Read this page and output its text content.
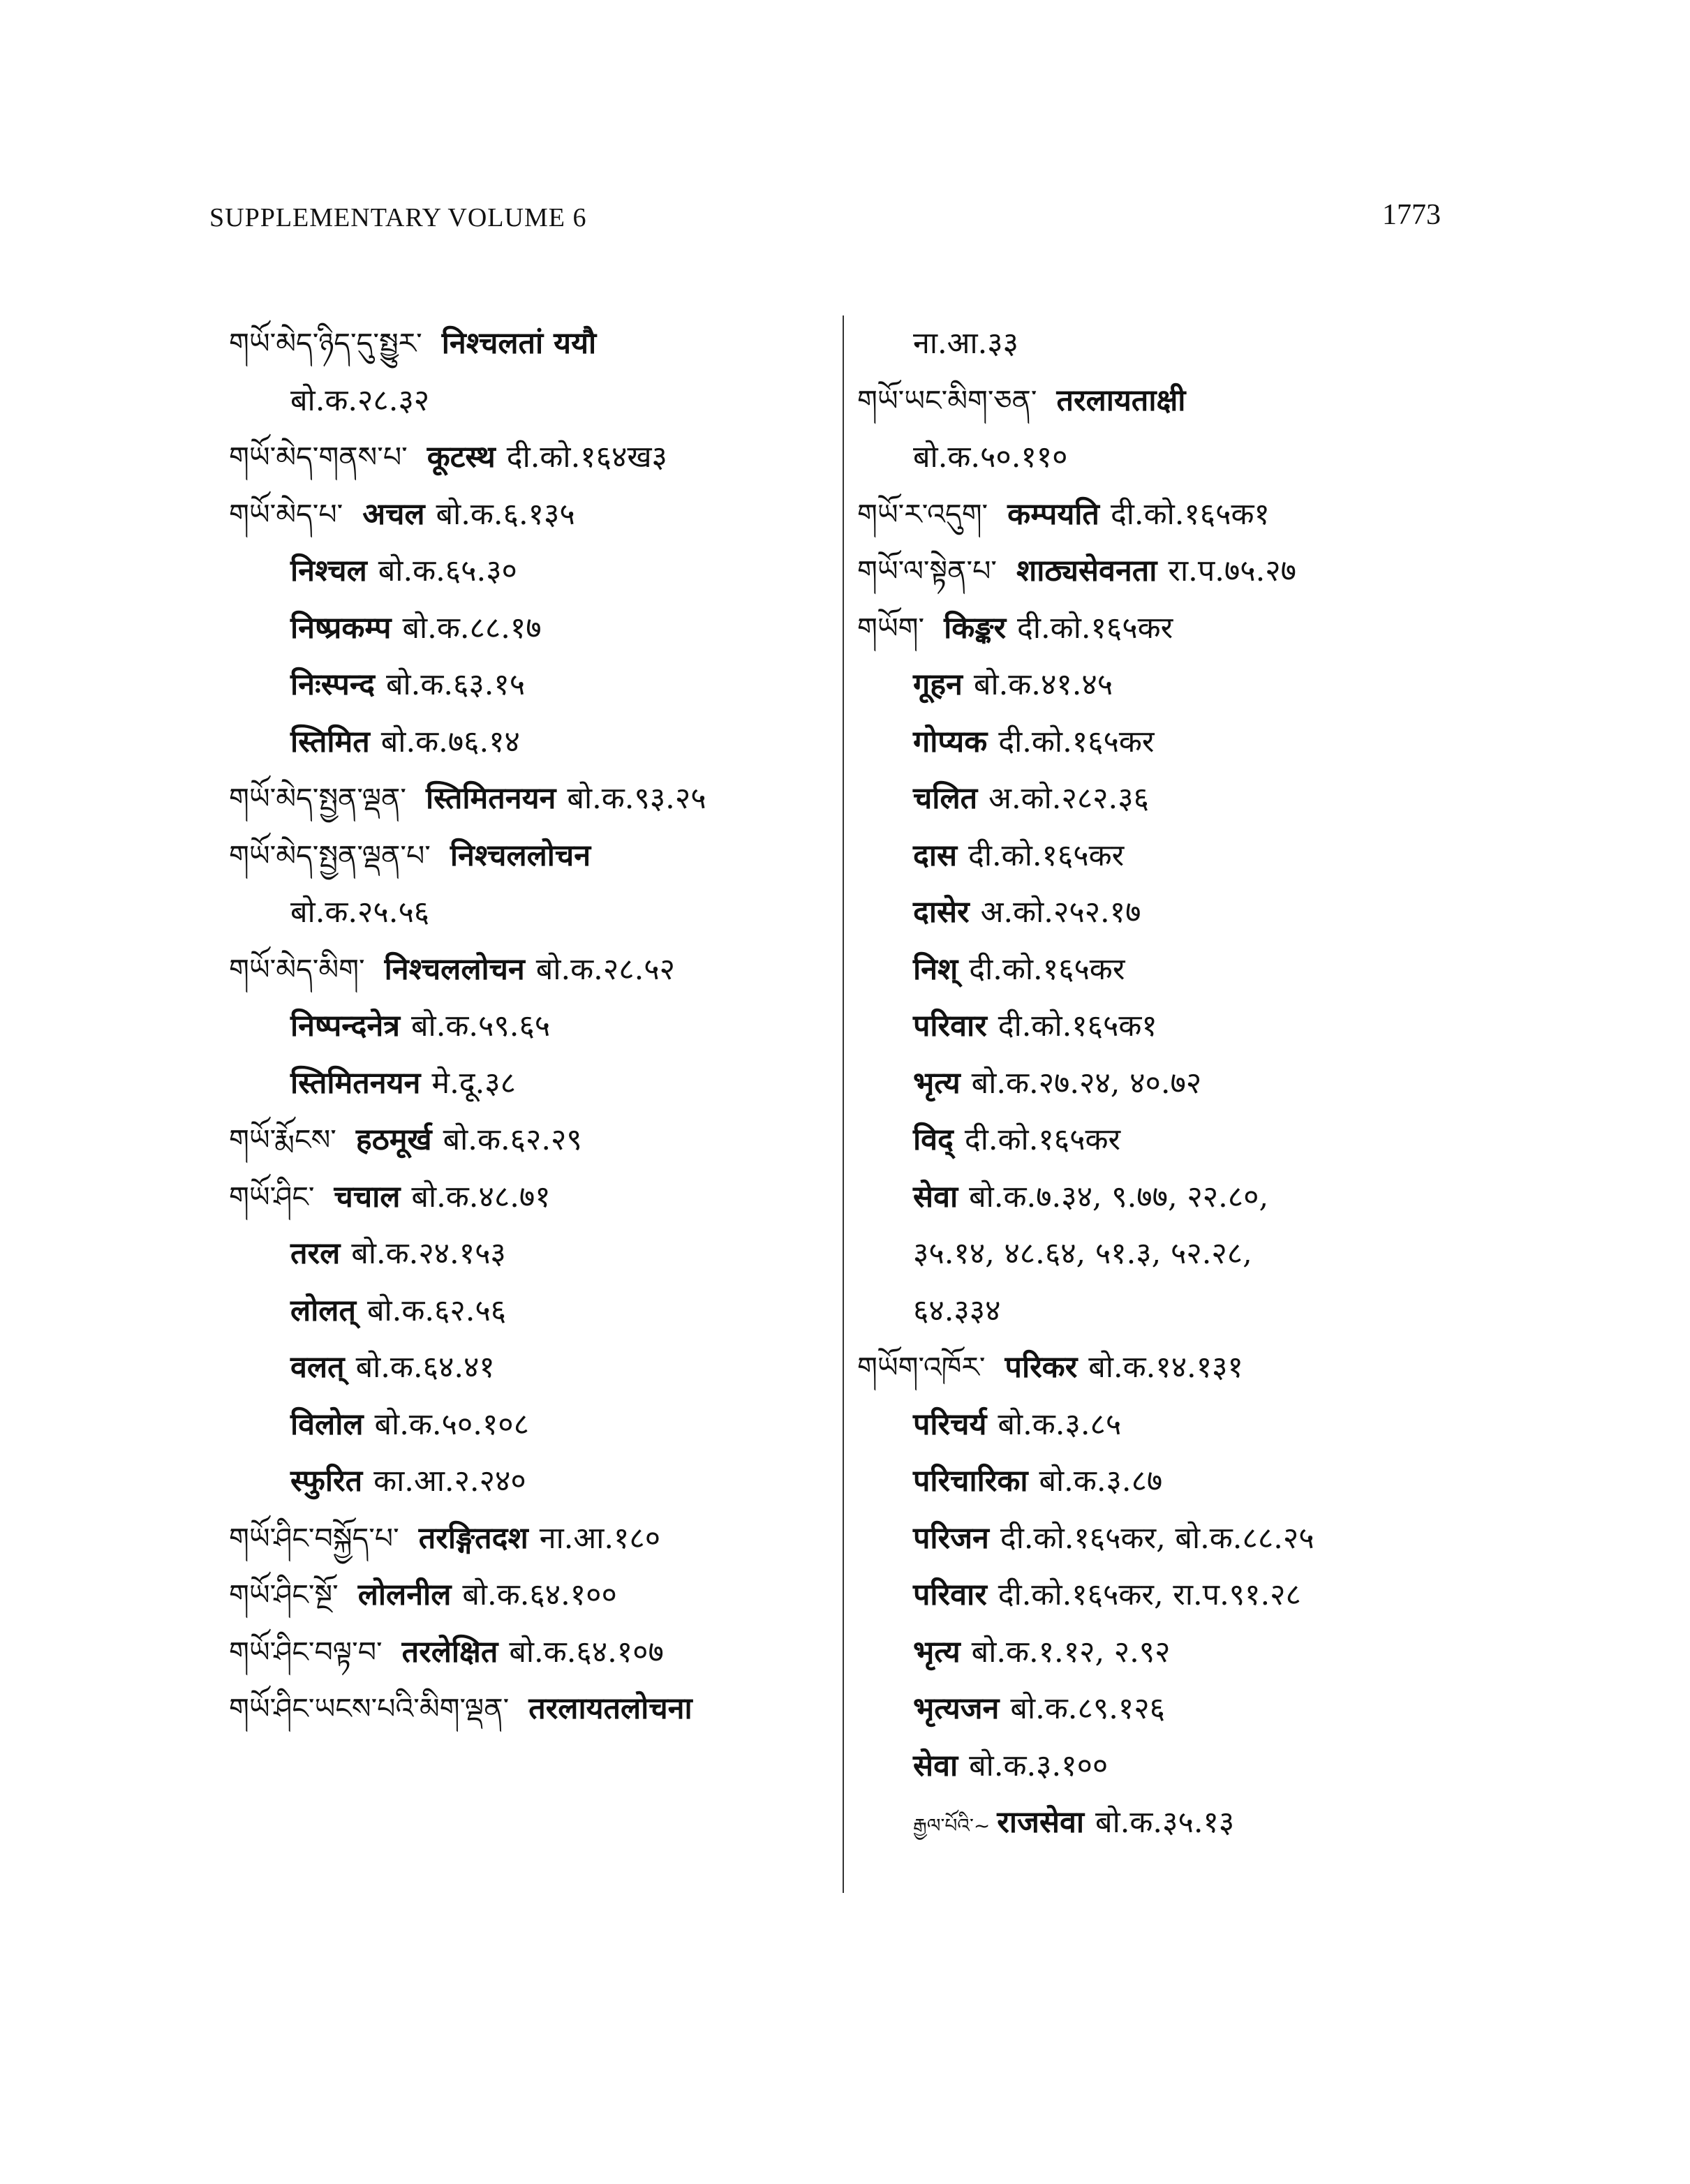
SUPPLEMENTARY VOLUME 6	1773
གཡོ་མེད་ཉིད་དུ་སྤྱུར་ निश्चलतां ययौ
बो.क.२८.३२
གཡོ་མེད་གནས་པ་ कूटस्थ दी.को.१६४ख३
གཡོ་མེད་པ་ अचल बो.क.६.१३५
निश्चल बो.क.६५.३०
निष्प्रकम्प बो.क.८८.१७
निःस्पन्द बो.क.६३.१५
स्तिमित बो.क.७६.१४
གཡོ་མེད་སྤྱན་ལྡན་ स्तिमितनयन बो.क.९३.२५
གཡོ་མེད་སྤྱན་ལྡན་པ་ निश्चललोचन
बो.क.२५.५६
གཡོ་མེད་མིག་ निश्चललोचन बो.क.२८.५२
निष्पन्दनेत्र बो.क.५९.६५
स्तिमितनयन मे.दू.३८
གཡོ་རྨོངས་ हठमूर्ख बो.क.६२.२९
གཡོ་ཤིང་ चचाल बो.क.४८.७१
तरल बो.क.२४.१५३
लोलत् बो.क.६२.५६
वलत् बो.क.६४.४१
विलोल बो.क.५०.१०८
स्फुरित का.आ.२.२४०
གཡོ་ཤིང་བསྐྱོད་པ་ तरङ्गितदश ना.आ.१८०
གཡོ་ཤིང་སྔོ་ लोलनील बो.क.६४.१००
གཡོ་ཤིང་བལྟ་བ་ तरलेक्षित बो.क.६४.१०७
གཡོ་ཤིང་ཡངས་པའི་མིག་ལྡན་ तरलायतलोचना
ना.आ.३३
གཡོ་ཡང་མིག་ཅན་ तरलायताक्षी
बो.क.५०.११०
གཡོ་ར་འདུག་ कम्पयति दी.को.१६५क१
གཡོ་ལ་སྟེན་པ་ शाठ्यसेवनता रा.प.७५.२७
གཡོག་ किङ्कर दी.को.१६५कर
गूहन बो.क.४१.४५
गोप्यक दी.को.१६५कर
चलित अ.को.२८२.३६
दास दी.को.१६५कर
दासेर अ.को.२५२.१७
निश् दी.को.१६५कर
परिवार दी.को.१६५क१
भृत्य बो.क.२७.२४, ४०.७२
विद् दी.को.१६५कर
सेवा बो.क.७.३४, ९.७७, २२.८०,
३५.१४, ४८.६४, ५१.३, ५२.२८,
६४.३३४
གཡོག་འཁོར་ परिकर बो.क.१४.१३१
परिचर्य बो.क.३.८५
परिचारिका बो.क.३.८७
परिजन दी.को.१६५कर, बो.क.८८.२५
परिवार दी.को.१६५कर, रा.प.९१.२८
भृत्य बो.क.१.१२, २.९२
भृत्यजन बो.क.८९.१२६
सेवा बो.क.३.१००
རྒྱལ་པོའི་~ राजसेवा बो.क.३५.१३
